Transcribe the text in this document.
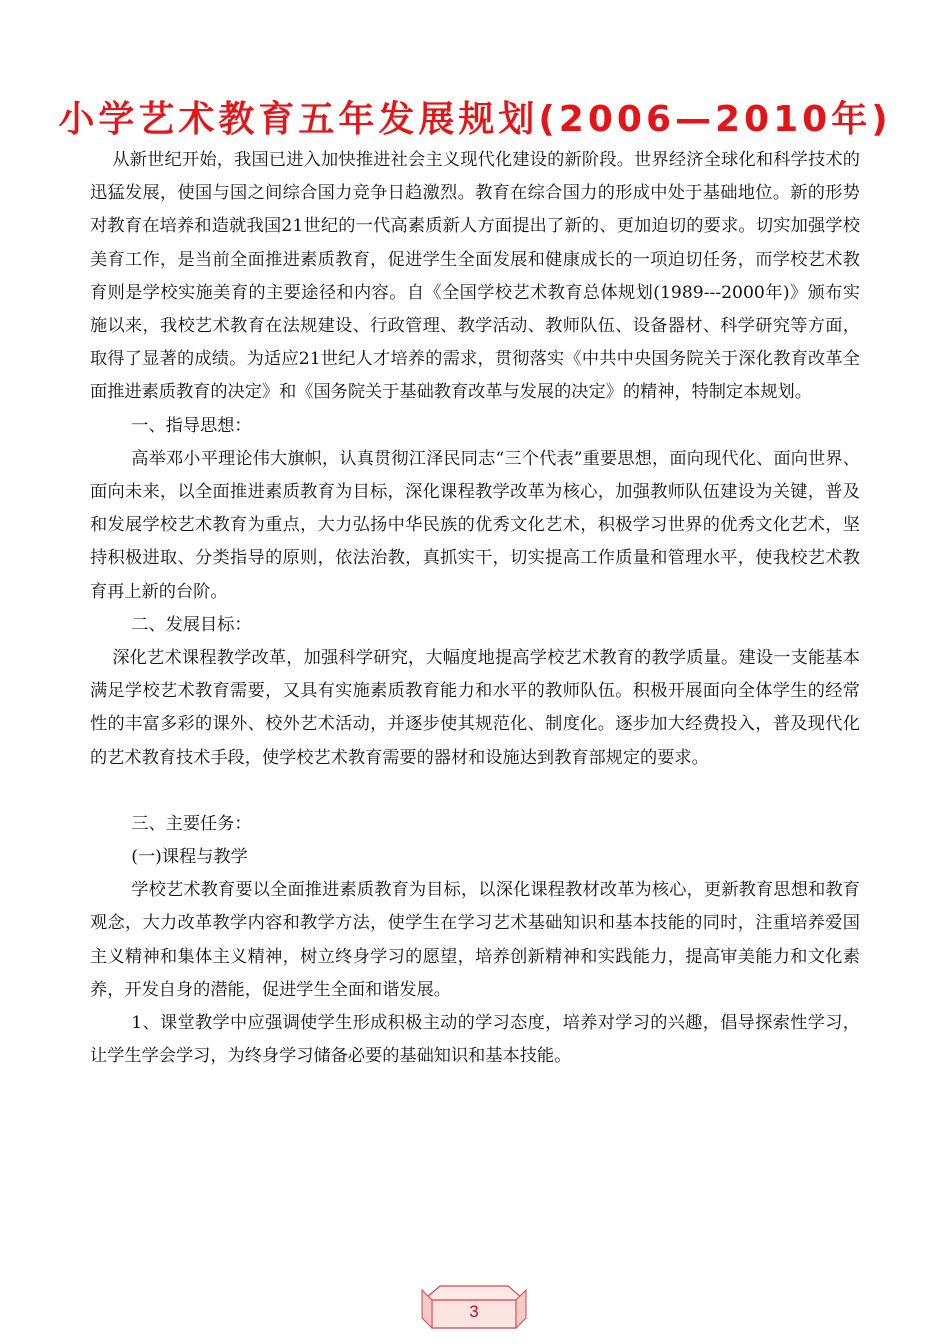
小学艺术教育五年发展规划(2006—2010年)

从新世纪开始，我国已进入加快推进社会主义现代化建设的新阶段。世界经济全球化和科学技术的迅猛发展，使国与国之间综合国力竞争日趋激烈。教育在综合国力的形成中处于基础地位。新的形势对教育在培养和造就我国21世纪的一代高素质新人方面提出了新的、更加迫切的要求。切实加强学校美育工作，是当前全面推进素质教育，促进学生全面发展和健康成长的一项迫切任务，而学校艺术教育则是学校实施美育的主要途径和内容。自《全国学校艺术教育总体规划(1989---2000年)》颁布实施以来，我校艺术教育在法规建设、行政管理、教学活动、教师队伍、设备器材、科学研究等方面，取得了显著的成绩。为适应21世纪人才培养的需求，贯彻落实《中共中央国务院关于深化教育改革全面推进素质教育的决定》和《国务院关于基础教育改革与发展的决定》的精神，特制定本规划。

一、指导思想：

高举邓小平理论伟大旗帜，认真贯彻江泽民同志“三个代表”重要思想，面向现代化、面向世界、面向未来，以全面推进素质教育为目标，深化课程教学改革为核心，加强教师队伍建设为关键，普及和发展学校艺术教育为重点，大力弘扬中华民族的优秀文化艺术，积极学习世界的优秀文化艺术，坚持积极进取、分类指导的原则，依法治教，真抓实干，切实提高工作质量和管理水平，使我校艺术教育再上新的台阶。

二、发展目标：

深化艺术课程教学改革，加强科学研究，大幅度地提高学校艺术教育的教学质量。建设一支能基本满足学校艺术教育需要，又具有实施素质教育能力和水平的教师队伍。积极开展面向全体学生的经常性的丰富多彩的课外、校外艺术活动，并逐步使其规范化、制度化。逐步加大经费投入，普及现代化的艺术教育技术手段，使学校艺术教育需要的器材和设施达到教育部规定的要求。

三、主要任务：

(一)课程与教学

学校艺术教育要以全面推进素质教育为目标，以深化课程教材改革为核心，更新教育思想和教育观念，大力改革教学内容和教学方法，使学生在学习艺术基础知识和基本技能的同时，注重培养爱国主义精神和集体主义精神，树立终身学习的愿望，培养创新精神和实践能力，提高审美能力和文化素养，开发自身的潜能，促进学生全面和谐发展。

1、课堂教学中应强调使学生形成积极主动的学习态度，培养对学习的兴趣，倡导探索性学习，让学生学会学习，为终身学习储备必要的基础知识和基本技能。

3
